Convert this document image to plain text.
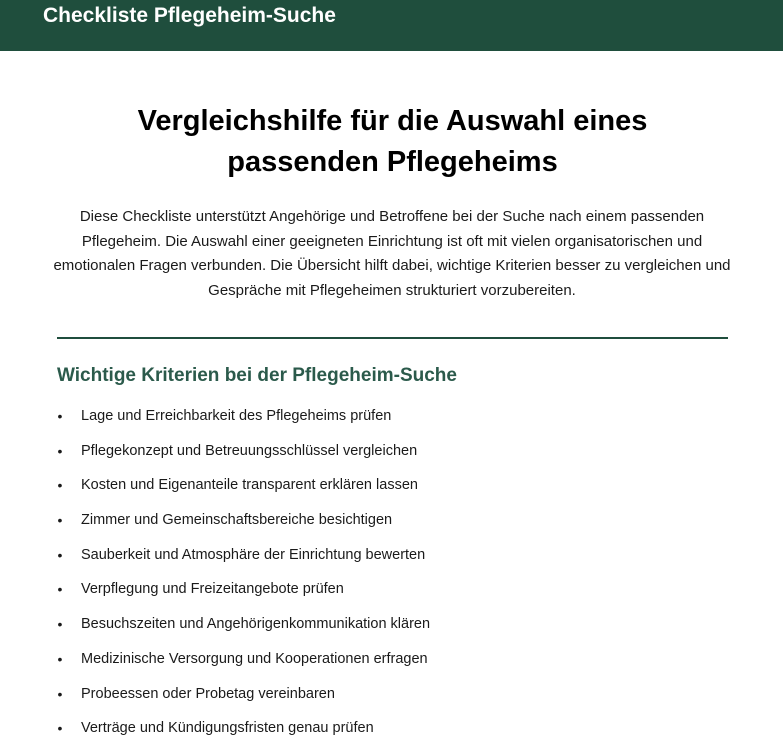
Checkliste Pflegeheim-Suche
Vergleichshilfe für die Auswahl eines passenden Pflegeheims

Diese Checkliste unterstützt Angehörige und Betroffene bei der Suche nach einem passenden Pflegeheim. Die Auswahl einer geeigneten Einrichtung ist oft mit vielen organisatorischen und emotionalen Fragen verbunden. Die Übersicht hilft dabei, wichtige Kriterien besser zu vergleichen und Gespräche mit Pflegeheimen strukturiert vorzubereiten.

Wichtige Kriterien bei der Pflegeheim-Suche
• Lage und Erreichbarkeit des Pflegeheims prüfen
• Pflegekonzept und Betreuungsschlüssel vergleichen
• Kosten und Eigenanteile transparent erklären lassen
• Zimmer und Gemeinschaftsbereiche besichtigen
• Sauberkeit und Atmosphäre der Einrichtung bewerten
• Verpflegung und Freizeitangebote prüfen
• Besuchszeiten und Angehörigenkommunikation klären
• Medizinische Versorgung und Kooperationen erfragen
• Probeessen oder Probetag vereinbaren
• Verträge und Kündigungsfristen genau prüfen
